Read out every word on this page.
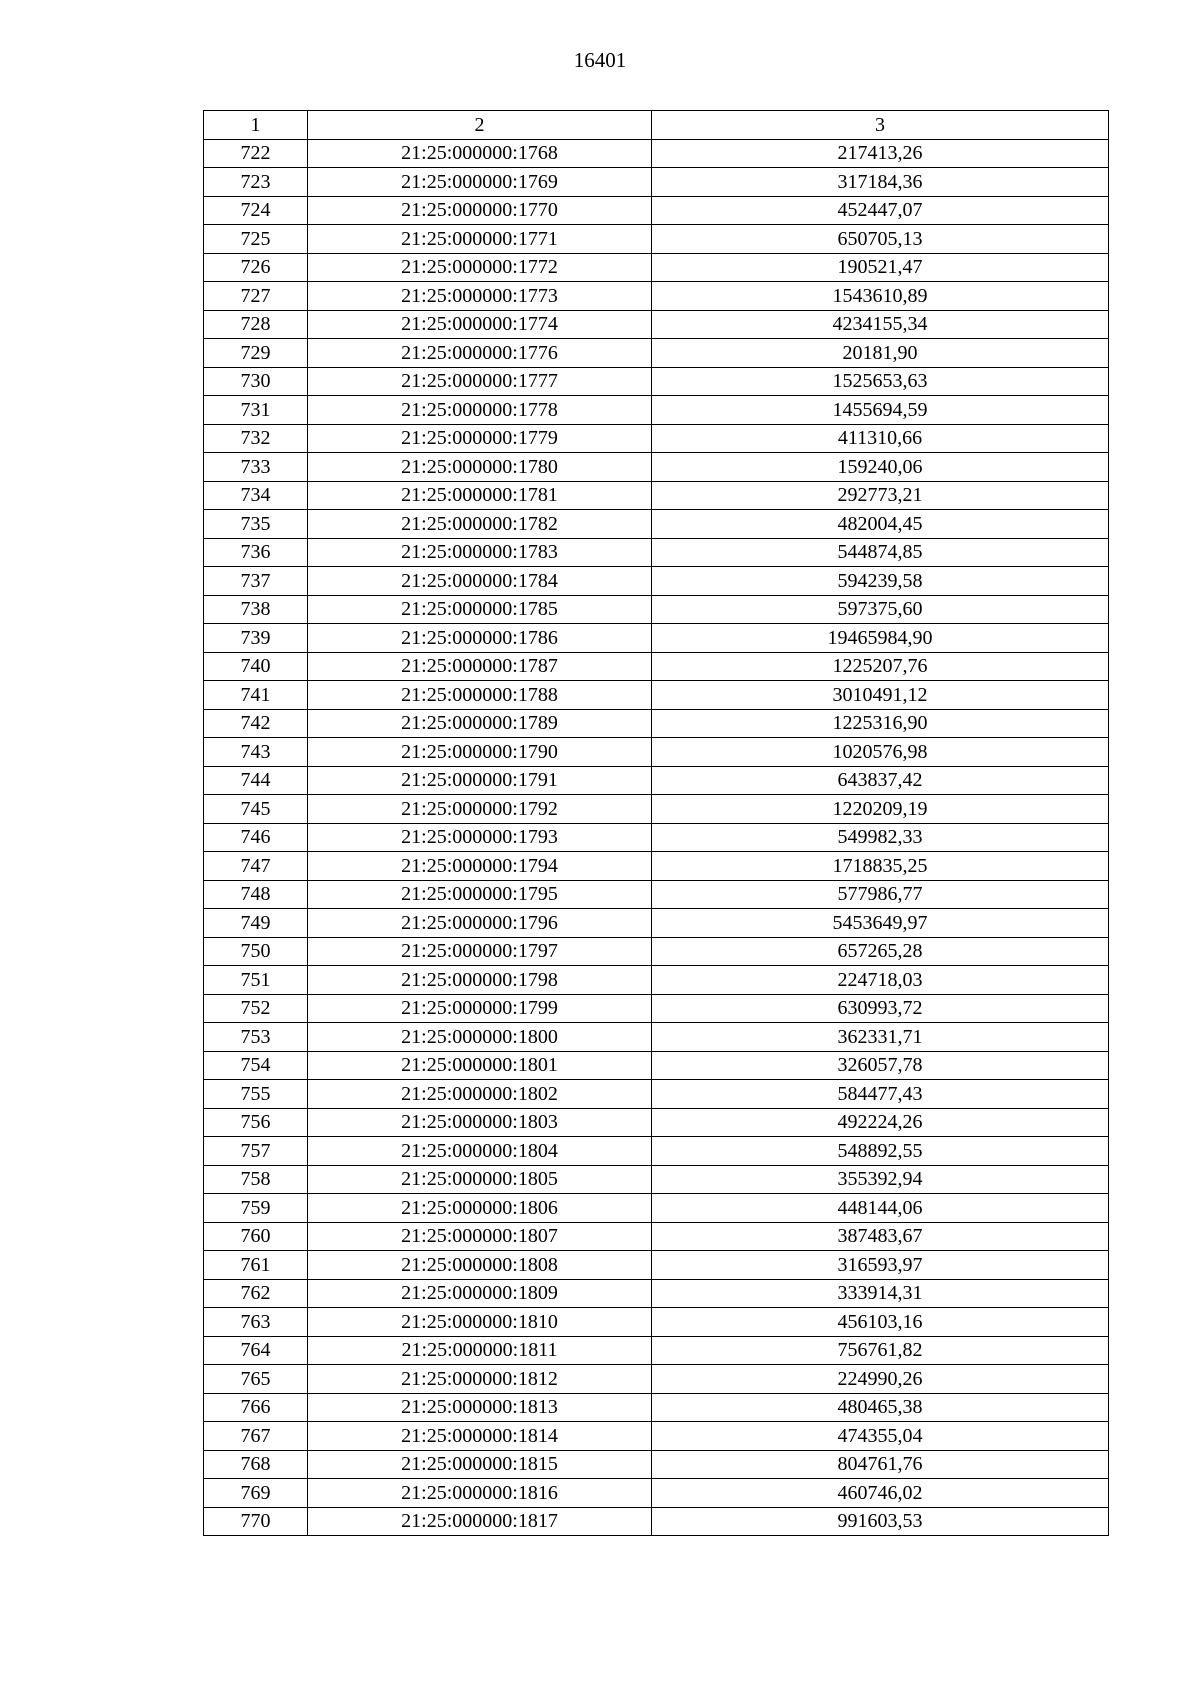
16401
1	2	3
722	21:25:000000:1768	217413,26
723	21:25:000000:1769	317184,36
724	21:25:000000:1770	452447,07
725	21:25:000000:1771	650705,13
726	21:25:000000:1772	190521,47
727	21:25:000000:1773	1543610,89
728	21:25:000000:1774	4234155,34
729	21:25:000000:1776	20181,90
730	21:25:000000:1777	1525653,63
731	21:25:000000:1778	1455694,59
732	21:25:000000:1779	411310,66
733	21:25:000000:1780	159240,06
734	21:25:000000:1781	292773,21
735	21:25:000000:1782	482004,45
736	21:25:000000:1783	544874,85
737	21:25:000000:1784	594239,58
738	21:25:000000:1785	597375,60
739	21:25:000000:1786	19465984,90
740	21:25:000000:1787	1225207,76
741	21:25:000000:1788	3010491,12
742	21:25:000000:1789	1225316,90
743	21:25:000000:1790	1020576,98
744	21:25:000000:1791	643837,42
745	21:25:000000:1792	1220209,19
746	21:25:000000:1793	549982,33
747	21:25:000000:1794	1718835,25
748	21:25:000000:1795	577986,77
749	21:25:000000:1796	5453649,97
750	21:25:000000:1797	657265,28
751	21:25:000000:1798	224718,03
752	21:25:000000:1799	630993,72
753	21:25:000000:1800	362331,71
754	21:25:000000:1801	326057,78
755	21:25:000000:1802	584477,43
756	21:25:000000:1803	492224,26
757	21:25:000000:1804	548892,55
758	21:25:000000:1805	355392,94
759	21:25:000000:1806	448144,06
760	21:25:000000:1807	387483,67
761	21:25:000000:1808	316593,97
762	21:25:000000:1809	333914,31
763	21:25:000000:1810	456103,16
764	21:25:000000:1811	756761,82
765	21:25:000000:1812	224990,26
766	21:25:000000:1813	480465,38
767	21:25:000000:1814	474355,04
768	21:25:000000:1815	804761,76
769	21:25:000000:1816	460746,02
770	21:25:000000:1817	991603,53
